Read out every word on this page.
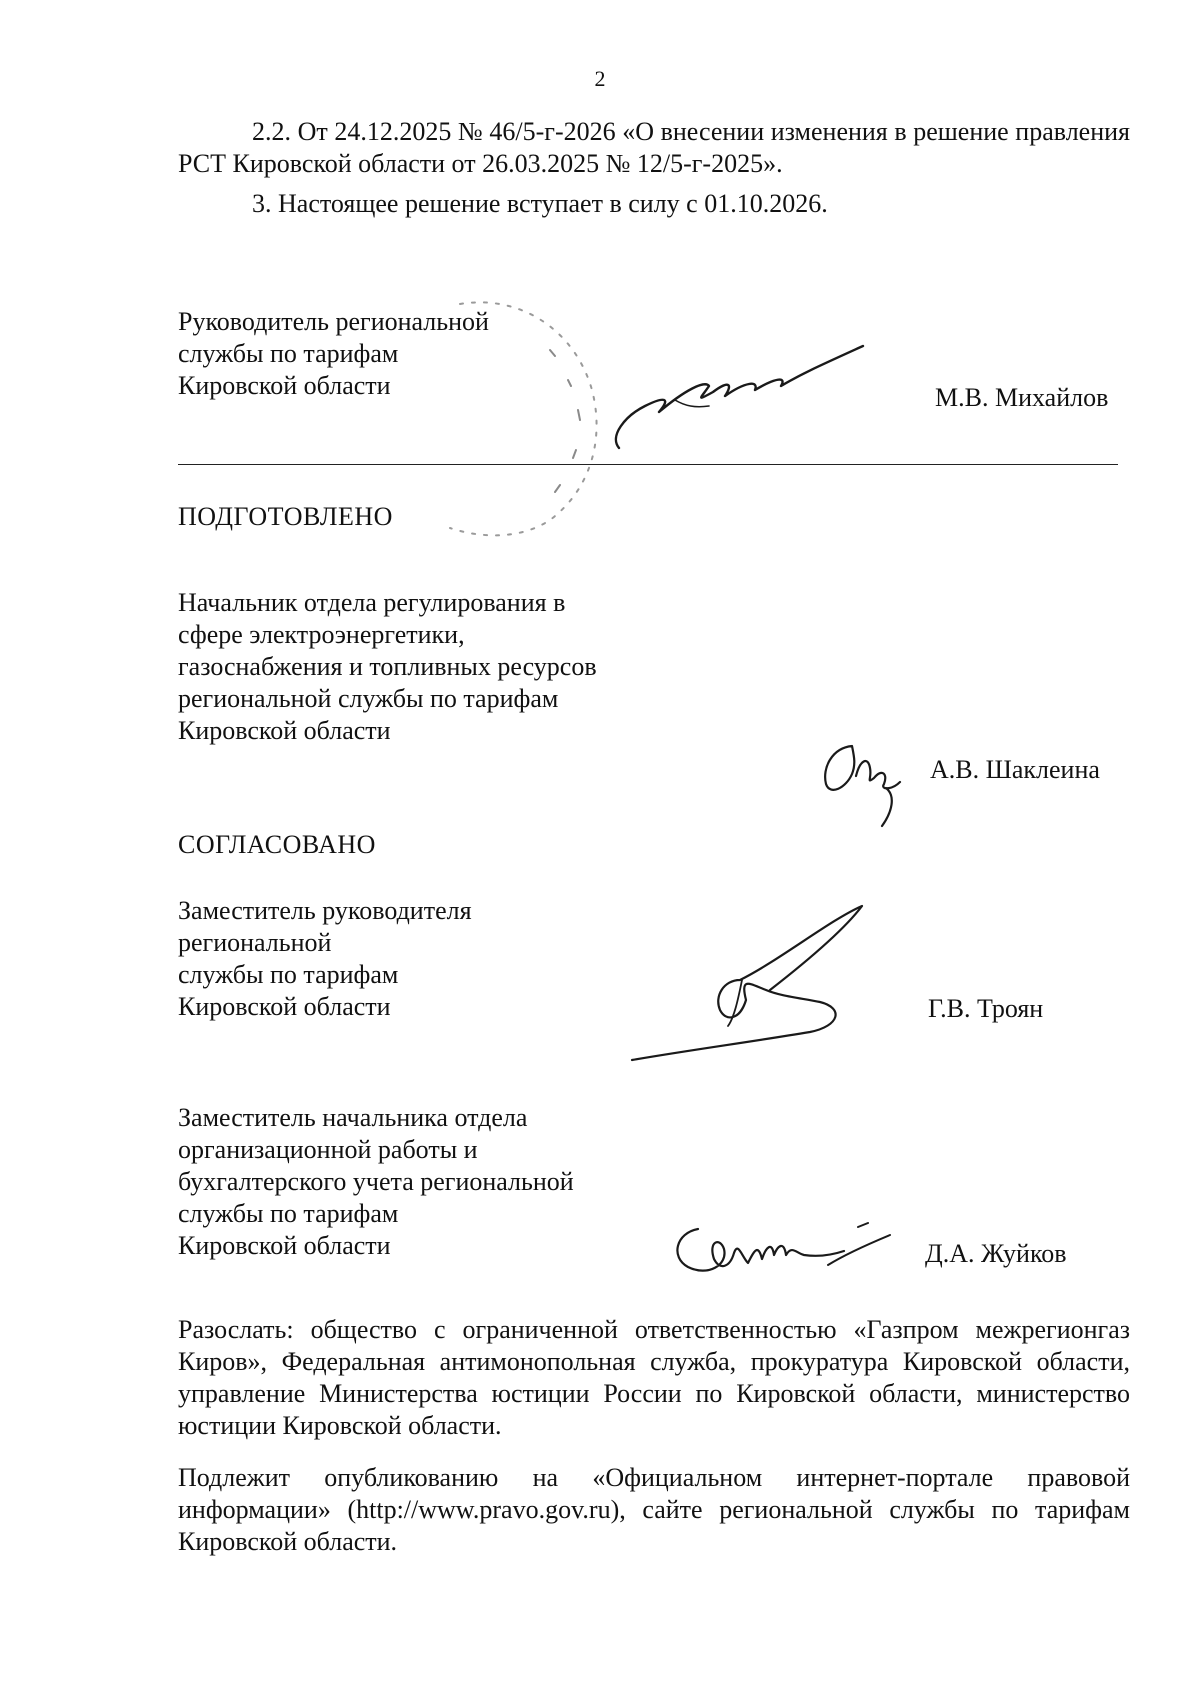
2

2.2. От 24.12.2025 № 46/5-г-2026 «О внесении изменения в решение правления РСТ Кировской области от 26.03.2025 № 12/5-г-2025».

3. Настоящее решение вступает в силу с 01.10.2026.

Руководитель региональной
службы по тарифам
Кировской области	М.В. Михайлов
ПОДГОТОВЛЕНО
Начальник отдела регулирования в
сфере электроэнергетики,
газоснабжения и топливных ресурсов
региональной службы по тарифам
Кировской области
А.В. Шаклеина
СОГЛАСОВАНО
Заместитель руководителя
региональной
службы по тарифам
Кировской области	Г.В. Троян
Заместитель начальника отдела
организационной работы и
бухгалтерского учета региональной
службы по тарифам
Кировской области	Д.А. Жуйков

Разослать: общество с ограниченной ответственностью «Газпром межрегионгаз Киров», Федеральная антимонопольная служба, прокуратура Кировской области, управление Министерства юстиции России по Кировской области, министерство юстиции Кировской области.

Подлежит опубликованию на «Официальном интернет-портале правовой информации» (http://www.pravo.gov.ru), сайте региональной службы по тарифам Кировской области.
